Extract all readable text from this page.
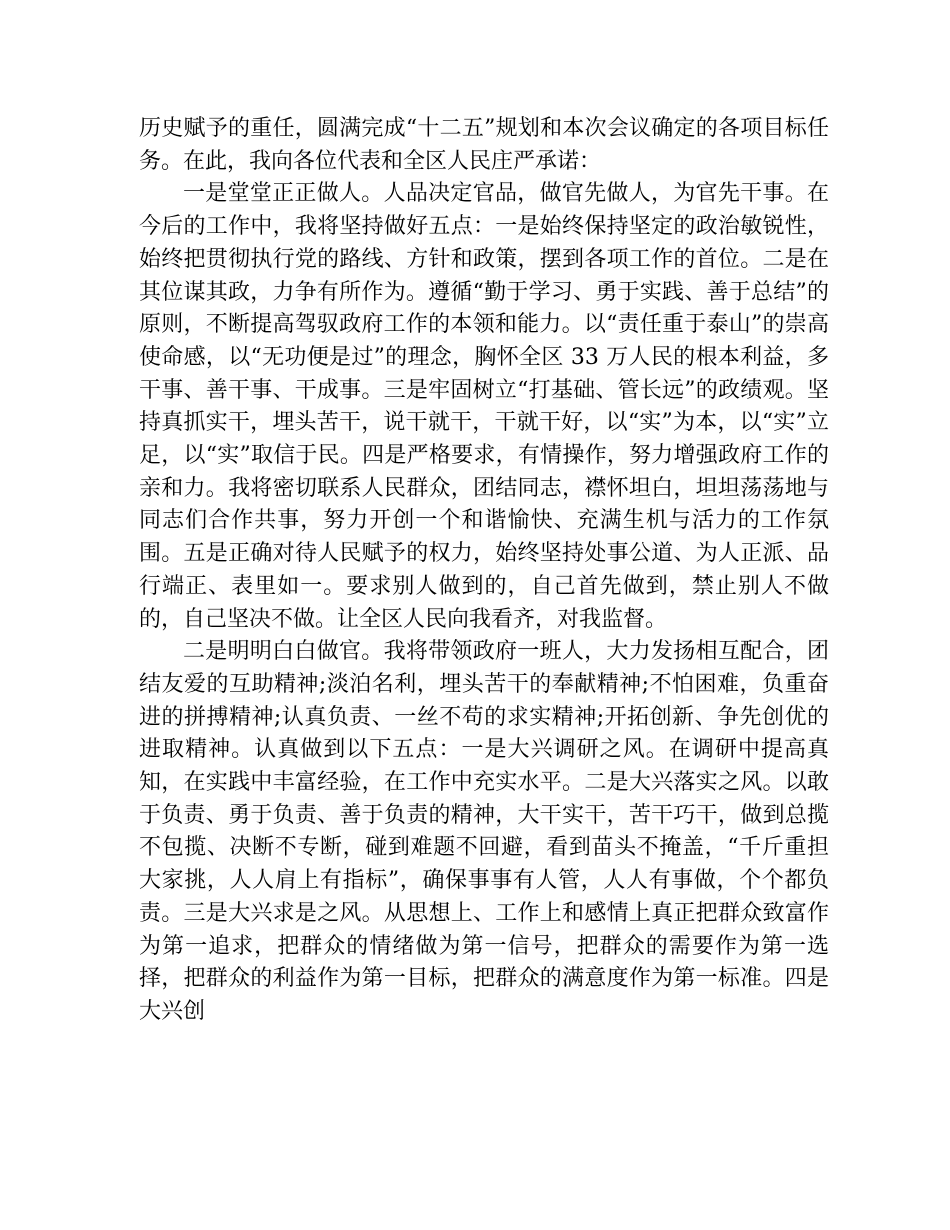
历史赋予的重任，圆满完成“十二五”规划和本次会议确定的各项目标任务。在此，我向各位代表和全区人民庄严承诺：

一是堂堂正正做人。人品决定官品，做官先做人，为官先干事。在今后的工作中，我将坚持做好五点：一是始终保持坚定的政治敏锐性，始终把贯彻执行党的路线、方针和政策，摆到各项工作的首位。二是在其位谋其政，力争有所作为。遵循“勤于学习、勇于实践、善于总结”的原则，不断提高驾驭政府工作的本领和能力。以“责任重于泰山”的崇高使命感，以“无功便是过”的理念，胸怀全区 33 万人民的根本利益，多干事、善干事、干成事。三是牢固树立“打基础、管长远”的政绩观。坚持真抓实干，埋头苦干，说干就干，干就干好，以“实”为本，以“实”立足，以“实”取信于民。四是严格要求，有情操作，努力增强政府工作的亲和力。我将密切联系人民群众，团结同志，襟怀坦白，坦坦荡荡地与同志们合作共事，努力开创一个和谐愉快、充满生机与活力的工作氛围。五是正确对待人民赋予的权力，始终坚持处事公道、为人正派、品行端正、表里如一。要求别人做到的，自己首先做到，禁止别人不做的，自己坚决不做。让全区人民向我看齐，对我监督。

二是明明白白做官。我将带领政府一班人，大力发扬相互配合，团结友爱的互助精神;淡泊名利，埋头苦干的奉献精神;不怕困难，负重奋进的拼搏精神;认真负责、一丝不苟的求实精神;开拓创新、争先创优的进取精神。认真做到以下五点：一是大兴调研之风。在调研中提高真知，在实践中丰富经验，在工作中充实水平。二是大兴落实之风。以敢于负责、勇于负责、善于负责的精神，大干实干，苦干巧干，做到总揽不包揽、决断不专断，碰到难题不回避，看到苗头不掩盖，“千斤重担大家挑，人人肩上有指标”，确保事事有人管，人人有事做，个个都负责。三是大兴求是之风。从思想上、工作上和感情上真正把群众致富作为第一追求，把群众的情绪做为第一信号，把群众的需要作为第一选择，把群众的利益作为第一目标，把群众的满意度作为第一标准。四是大兴创
